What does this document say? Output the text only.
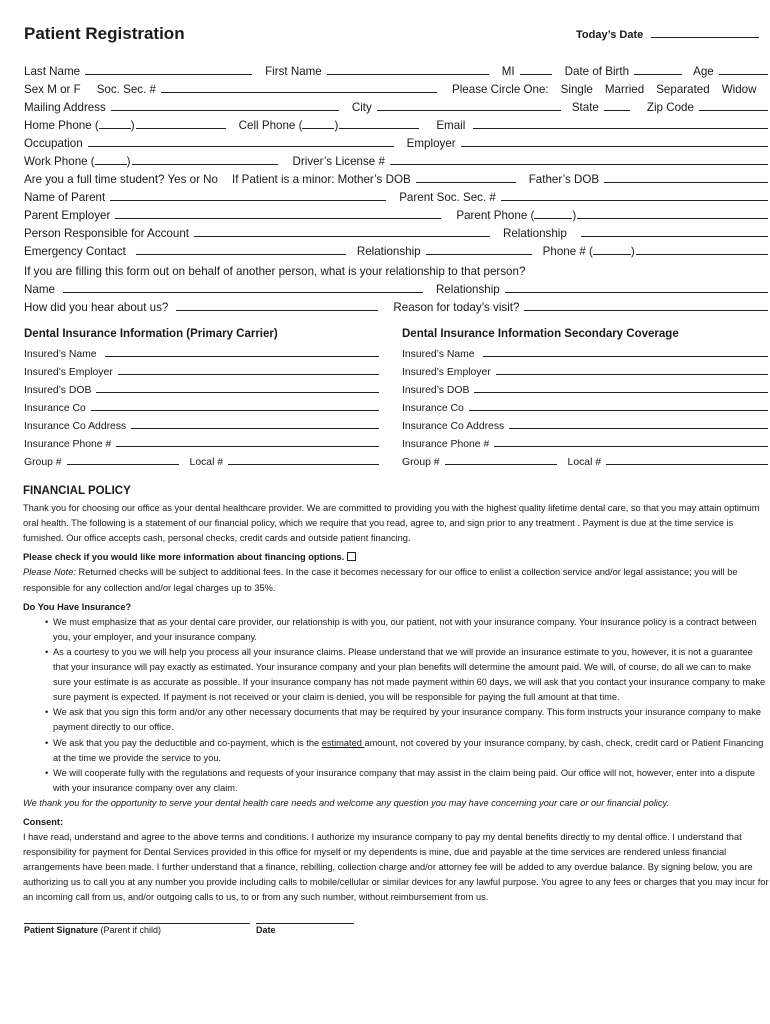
Patient Registration	Today’s Date
Last Name	First Name	MI	Date of Birth	Age
Sex M or F Soc. Sec. #	Please Circle One: Single Married Separated Widow
Mailing Address	City	State	Zip Code
Home Phone (	)	Cell Phone (	)	Email
Occupation	Employer
Work Phone (	)	Driver’s License #
Are you a full time student? Yes or No If Patient is a minor: Mother’s DOB	Father’s DOB
Name of Parent	Parent Soc. Sec. #
Parent Employer	Parent Phone (	)
Person Responsible for Account	Relationship
Emergency Contact	Relationship	Phone # (	)
If you are filling this form out on behalf of another person, what is your relationship to that person?
Name	Relationship
How did you hear about us?	Reason for today’s visit?
Dental Insurance Information (Primary Carrier)	Dental Insurance Information Secondary Coverage
Insured’s Name
Insured’s Employer
Insured’s DOB
Insurance Co
Insurance Co Address
Insurance Phone #
Group #	Local #
Insured’s Name
Insured’s Employer
Insured’s DOB
Insurance Co
Insurance Co Address
Insurance Phone #
Group #	Local #

FINANCIAL POLICY

Thank you for choosing our office as your dental healthcare provider. We are committed to providing you with the highest quality lifetime dental care, so that you may attain optimum oral health. The following is a statement of our financial policy, which we require that you read, agree to, and sign prior to any treatment . Payment is due at the time service is furnished. Our office accepts cash, personal checks, credit cards and outside patient financing.

Please check if you would like more information about financing options.

Please Note: Returned checks will be subject to additional fees. In the case it becomes necessary for our office to enlist a collection service and/or legal assistance; you will be responsible for any collection and/or legal charges up to 35%.

Do You Have Insurance?

• We must emphasize that as your dental care provider, our relationship is with you, our patient, not with your insurance company. Your insurance policy is a contract between you, your employer, and your insurance company.
• As a courtesy to you we will help you process all your insurance claims. Please understand that we will provide an insurance estimate to you, however, it is not a guarantee that your insurance will pay exactly as estimated. Your insurance company and your plan benefits will determine the amount paid. We will, of course, do all we can to make sure your estimate is as accurate as possible. If your insurance company has not made payment within 60 days, we will ask that you contact your insurance company to make sure payment is expected. If payment is not received or your claim is denied, you will be responsible for paying the full amount at that time.
• We ask that you sign this form and/or any other necessary documents that may be required by your insurance company. This form instructs your insurance company to make payment directly to our office.
• We ask that you pay the deductible and co-payment, which is the estimated amount, not covered by your insurance company, by cash, check, credit card or Patient Financing at the time we provide the service to you.
• We will cooperate fully with the regulations and requests of your insurance company that may assist in the claim being paid. Our office will not, however, enter into a dispute with your insurance company over any claim.

We thank you for the opportunity to serve your dental health care needs and welcome any question you may have concerning your care or our financial policy.

Consent:

I have read, understand and agree to the above terms and conditions. I authorize my insurance company to pay my dental benefits directly to my dental office. I understand that responsibility for payment for Dental Services provided in this office for myself or my dependents is mine, due and payable at the time services are rendered unless financial arrangements have been made. I further understand that a finance, rebilling, collection charge and/or attorney fee will be added to any overdue balance. By signing below, you are authorizing us to call you at any number you provide including calls to mobile/cellular or similar devices for any lawful purpose. You agree to any fees or charges that you may incur for an incoming call from us, and/or outgoing calls to us, to or from any such number, without reimbursement from us.

Patient Signature (Parent if child)	Date
